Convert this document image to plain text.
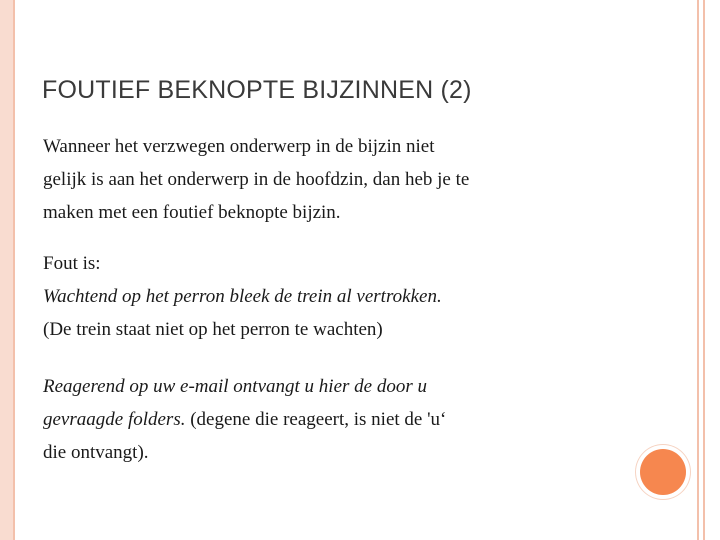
FOUTIEF BEKNOPTE BIJZINNEN (2)

Wanneer het verzwegen onderwerp in de bijzin niet

gelijk is aan het onderwerp in de hoofdzin, dan heb je te

maken met een foutief beknopte bijzin.

Fout is:

Wachtend op het perron bleek de trein al vertrokken.

(De trein staat niet op het perron te wachten)

Reagerend op uw e-mail ontvangt u hier de door u

gevraagde folders. (degene die reageert, is niet de 'u‘

die ontvangt).
